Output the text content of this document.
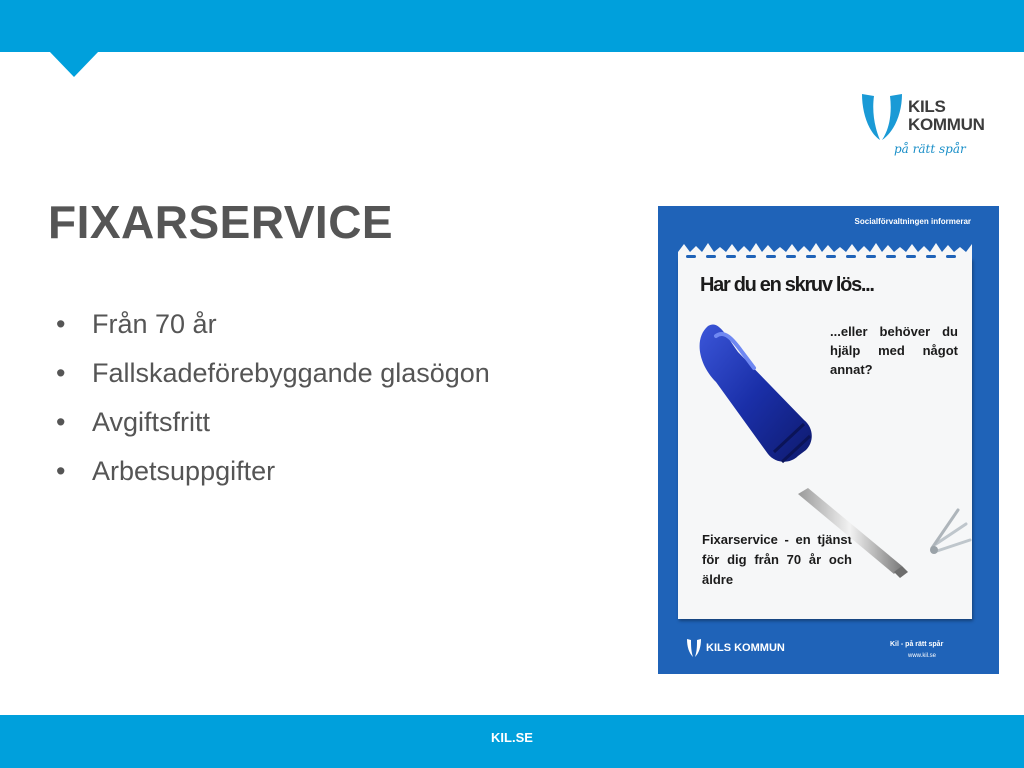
KILS
KOMMUN
på rätt spår
FIXARSERVICE
• Från 70 år
• Fallskadeförebyggande glasögon
• Avgiftsfritt
• Arbetsuppgifter
Socialförvaltningen informerar
Har du en skruv lös...
...eller behöver du hjälp med något annat?
Fixarservice - en tjänst för dig från 70 år och äldre
KILS KOMMUN	Kil - på rätt spår
www.kil.se
KIL.SE
